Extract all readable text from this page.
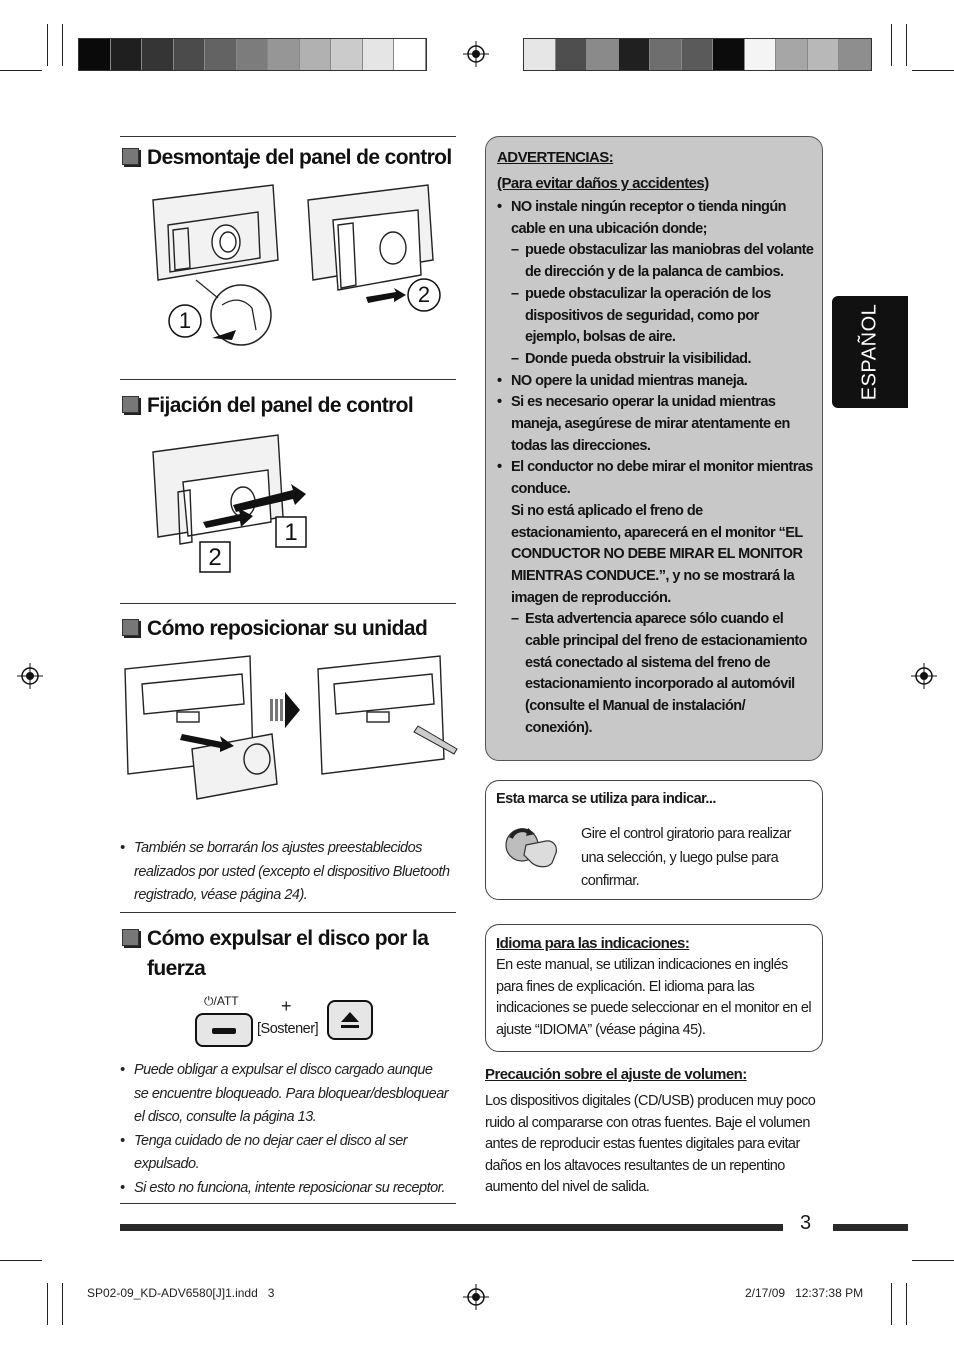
Desmontaje del panel de control
1
2
Fijación del panel de control
1
2
Cómo reposicionar su unidad
• También se borrarán los ajustes preestablecidos realizados por usted (excepto el dispositivo Bluetooth registrado, véase página 24).
Cómo expulsar el disco por la
fuerza
⏻/ATT +
[Sostener]
• Puede obligar a expulsar el disco cargado aunque se encuentre bloqueado. Para bloquear/desbloquear el disco, consulte la página 13.
• Tenga cuidado de no dejar caer el disco al ser expulsado.
• Si esto no funciona, intente reposicionar su receptor.
ADVERTENCIAS:
(Para evitar daños y accidentes)
• NO instale ningún receptor o tienda ningún cable en una ubicación donde;
– puede obstaculizar las maniobras del volante de dirección y de la palanca de cambios.
– puede obstaculizar la operación de los dispositivos de seguridad, como por ejemplo, bolsas de aire.
– Donde pueda obstruir la visibilidad.
• NO opere la unidad mientras maneja.
• Si es necesario operar la unidad mientras maneja, asegúrese de mirar atentamente en todas las direcciones.
• El conductor no debe mirar el monitor mientras conduce.
Si no está aplicado el freno de estacionamiento, aparecerá en el monitor “EL CONDUCTOR NO DEBE MIRAR EL MONITOR MIENTRAS CONDUCE.”, y no se mostrará la imagen de reproducción.
– Esta advertencia aparece sólo cuando el cable principal del freno de estacionamiento está conectado al sistema del freno de estacionamiento incorporado al automóvil (consulte el Manual de instalación/ conexión).
Esta marca se utiliza para indicar...
Gire el control giratorio para realizar una selección, y luego pulse para confirmar.
Idioma para las indicaciones:
En este manual, se utilizan indicaciones en inglés para fines de explicación. El idioma para las indicaciones se puede seleccionar en el monitor en el ajuste “IDIOMA” (véase página 45).
Precaución sobre el ajuste de volumen:
Los dispositivos digitales (CD/USB) producen muy poco ruido al compararse con otras fuentes. Baje el volumen antes de reproducir estas fuentes digitales para evitar daños en los altavoces resultantes de un repentino aumento del nivel de salida.
ESPAÑOL
3
SP02-09_KD-ADV6580[J]1.indd 3	2/17/09 12:37:38 PM
